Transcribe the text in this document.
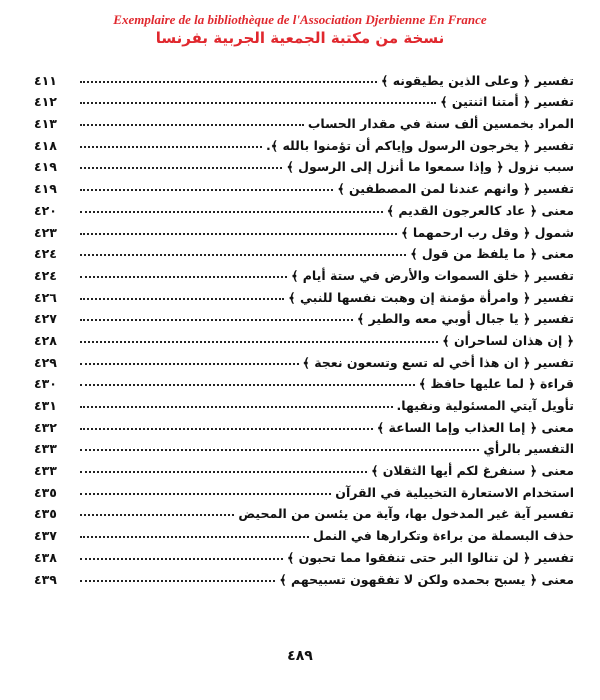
Exemplaire de la bibliothèque de l'Association Djerbienne En France
نسخة من مكتبة الجمعية الجربية بفرنسا
تفسير ﴿ وعلى الذين يطيقونه ﴾
٤١١
تفسير ﴿ أمتنا اثنتين ﴾
٤١٢
المراد بخمسين ألف سنة في مقدار الحساب
٤١٣
تفسير ﴿ يخرجون الرسول وإياكم أن تؤمنوا بالله ﴾.
٤١٨
سبب نزول ﴿ وإذا سمعوا ما أنزل إلى الرسول ﴾
٤١٩
تفسير ﴿ وانهم عندنا لمن المصطفين ﴾
٤١٩
معنى ﴿ عاد كالعرجون القديم ﴾
٤٢٠
شمول ﴿ وقل رب ارحمهما ﴾
٤٢٣
معنى ﴿ ما يلفظ من قول ﴾
٤٢٤
تفسير ﴿ خلق السموات والأرض في ستة أيام ﴾
٤٢٤
تفسير ﴿ وامرأة مؤمنة إن وهبت نفسها للنبي ﴾
٤٢٦
تفسير ﴿ يا جبال أوبي معه والطير ﴾
٤٢٧
﴿ إن هذان لساحران ﴾
٤٢٨
تفسير ﴿ ان هذا أخي له تسع وتسعون نعجة ﴾
٤٢٩
قراءة ﴿ لما عليها حافظ ﴾
٤٣٠
تأويل آيتي المسئولية ونفيها.
٤٣١
معنى ﴿ إما العذاب وإما الساعة ﴾
٤٣٢
التفسير بالرأي
٤٣٣
معنى ﴿ سنفرغ لكم أيها الثقلان ﴾
٤٣٣
استخدام الاستعارة التخييلية في القرآن
٤٣٥
تفسير آية غير المدخول بها، وآية من يئسن من المحيض
٤٣٥
حذف البسملة من براءة وتكرارها في النمل
٤٣٧
تفسير ﴿ لن تنالوا البر حتى تنفقوا مما تحبون ﴾
٤٣٨
معنى ﴿ يسبح بحمده ولكن لا تفقهون تسبيحهم ﴾
٤٣٩
٤٨٩
